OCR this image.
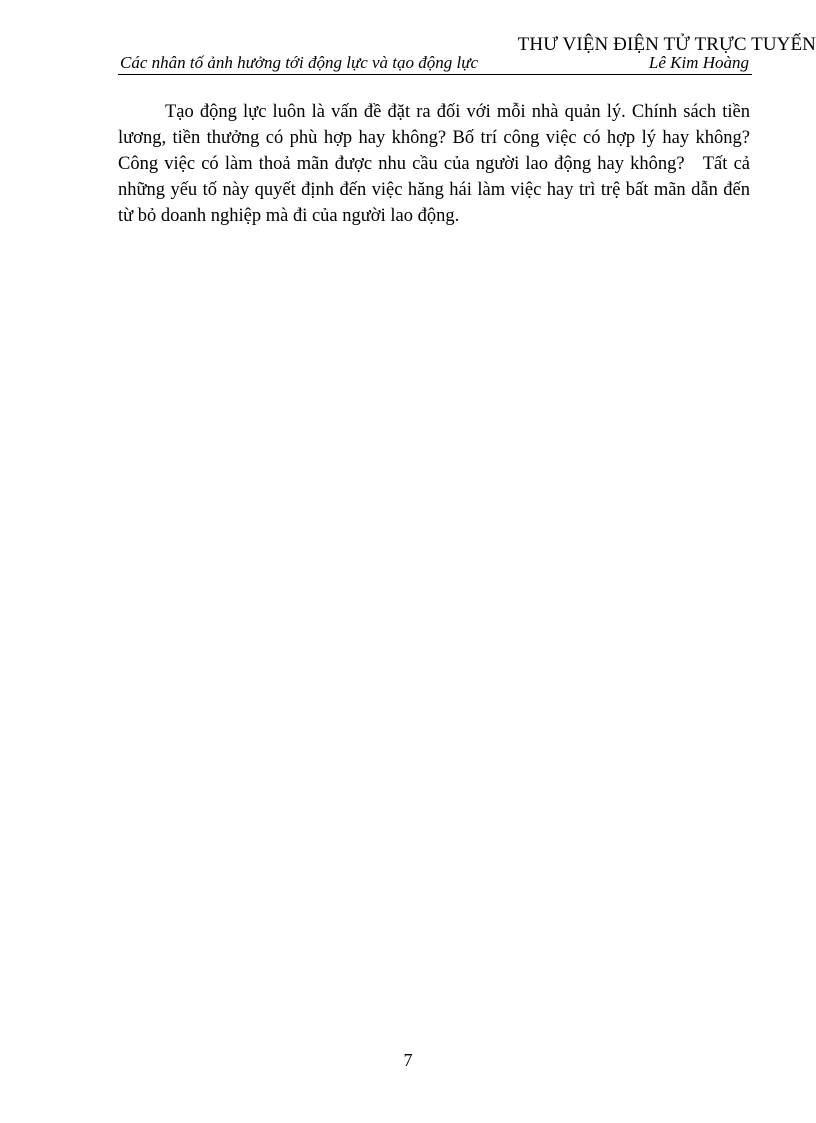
THƯ VIỆN ĐIỆN TỬ TRỰC TUYẾN
Các nhân tố ảnh hưởng tới động lực và tạo động lực	Lê Kim Hoàng

Tạo động lực luôn là vấn đề đặt ra đối với mỗi nhà quản lý. Chính sách tiền lương, tiền thưởng có phù hợp hay không? Bố trí công việc có hợp lý hay không? Công việc có làm thoả mãn được nhu cầu của người lao động hay không?   Tất cả những yếu tố này quyết định đến việc hăng hái làm việc hay trì trệ bất mãn dẫn đến từ bỏ doanh nghiệp mà đi của người lao động.

7
